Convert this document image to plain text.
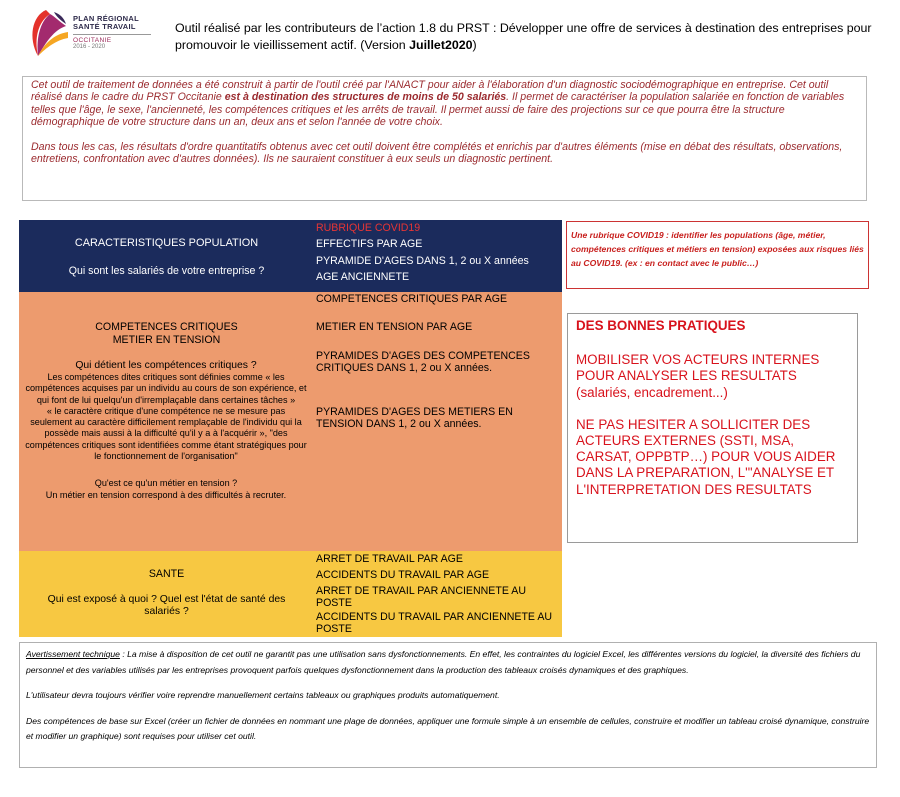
PLAN RÉGIONAL
SANTÉ TRAVAIL
OCCITANIE
2016 - 2020
Outil réalisé par les contributeurs de l’action 1.8 du PRST : Développer une offre de services à destination des entreprises pour promouvoir le vieillissement actif. (Version Juillet2020)

Cet outil de traitement de données a été construit à partir de l'outil créé par l'ANACT pour aider à l'élaboration d'un diagnostic sociodémographique en entreprise. Cet outil réalisé dans le cadre du PRST Occitanie est à destination des structures de moins de 50 salariés. Il permet de caractériser la population salariée en fonction de variables telles que l'âge, le sexe, l'ancienneté, les compétences critiques et les arrêts de travail. Il permet aussi de faire des projections sur ce que pourra être la structure démographique de votre structure dans un an, deux ans et selon l'année de votre choix.

Dans tous les cas, les résultats d'ordre quantitatifs obtenus avec cet outil doivent être complétés et enrichis par d'autres éléments (mise en débat des résultats, observations, entretiens, confrontation avec d'autres données). Ils ne sauraient constituer à eux seuls un diagnostic pertinent.

CARACTERISTIQUES POPULATION
Qui sont les salariés de votre entreprise ?
RUBRIQUE COVID19
EFFECTIFS PAR AGE
PYRAMIDE D'AGES DANS 1, 2 ou X années
AGE ANCIENNETE
COMPETENCES CRITIQUES
METIER EN TENSION
Qui détient les compétences critiques ?
Les compétences dites critiques sont définies comme « les compétences acquises par un individu au cours de son expérience, et qui font de lui quelqu'un d'irremplaçable dans certaines tâches »
« le caractère critique d'une compétence ne se mesure pas seulement au caractère difficilement remplaçable de l'individu qui la possède mais aussi à la difficulté qu'il y a à l'acquérir », "des compétences critiques sont identifiées comme étant stratégiques pour le fonctionnement de l'organisation"
Qu'est ce qu'un métier en tension ?
Un métier en tension correspond à des difficultés à recruter.
COMPETENCES CRITIQUES PAR AGE
METIER EN TENSION PAR AGE
PYRAMIDES D'AGES DES COMPETENCES CRITIQUES DANS 1, 2 ou X années.
PYRAMIDES D'AGES DES METIERS EN TENSION DANS 1, 2 ou X années.
SANTE
Qui est exposé à quoi ? Quel est l'état de santé des salariés ?
ARRET DE TRAVAIL PAR AGE
ACCIDENTS DU TRAVAIL PAR AGE
ARRET DE TRAVAIL PAR ANCIENNETE AU POSTE
ACCIDENTS DU TRAVAIL PAR ANCIENNETE AU POSTE
Une rubrique COVID19 : identifier les populations (âge, métier, compétences critiques et métiers en tension) exposées aux risques liés au COVID19. (ex : en contact avec le public…)

DES BONNES PRATIQUES

MOBILISER VOS ACTEURS INTERNES POUR ANALYSER LES RESULTATS

(salariés, encadrement...)

NE PAS HESITER A SOLLICITER DES ACTEURS EXTERNES (SSTI, MSA, CARSAT, OPPBTP…) POUR VOUS AIDER DANS LA PREPARATION, L'"ANALYSE ET L'INTERPRETATION DES RESULTATS

Avertissement technique : La mise à disposition de cet outil ne garantit pas une utilisation sans dysfonctionnements. En effet, les contraintes du logiciel Excel, les différentes versions du logiciel, la diversité des fichiers du personnel et des variables utilisés par les entreprises provoquent parfois quelques dysfonctionnement dans la production des tableaux croisés dynamiques et des graphiques.

L'utilisateur devra toujours vérifier voire reprendre manuellement certains tableaux ou graphiques produits automatiquement.

Des compétences de base sur Excel (créer un fichier de données en nommant une plage de données, appliquer une formule simple à un ensemble de cellules, construire et modifier un tableau croisé dynamique, construire et modifier un graphique) sont requises pour utiliser cet outil.
